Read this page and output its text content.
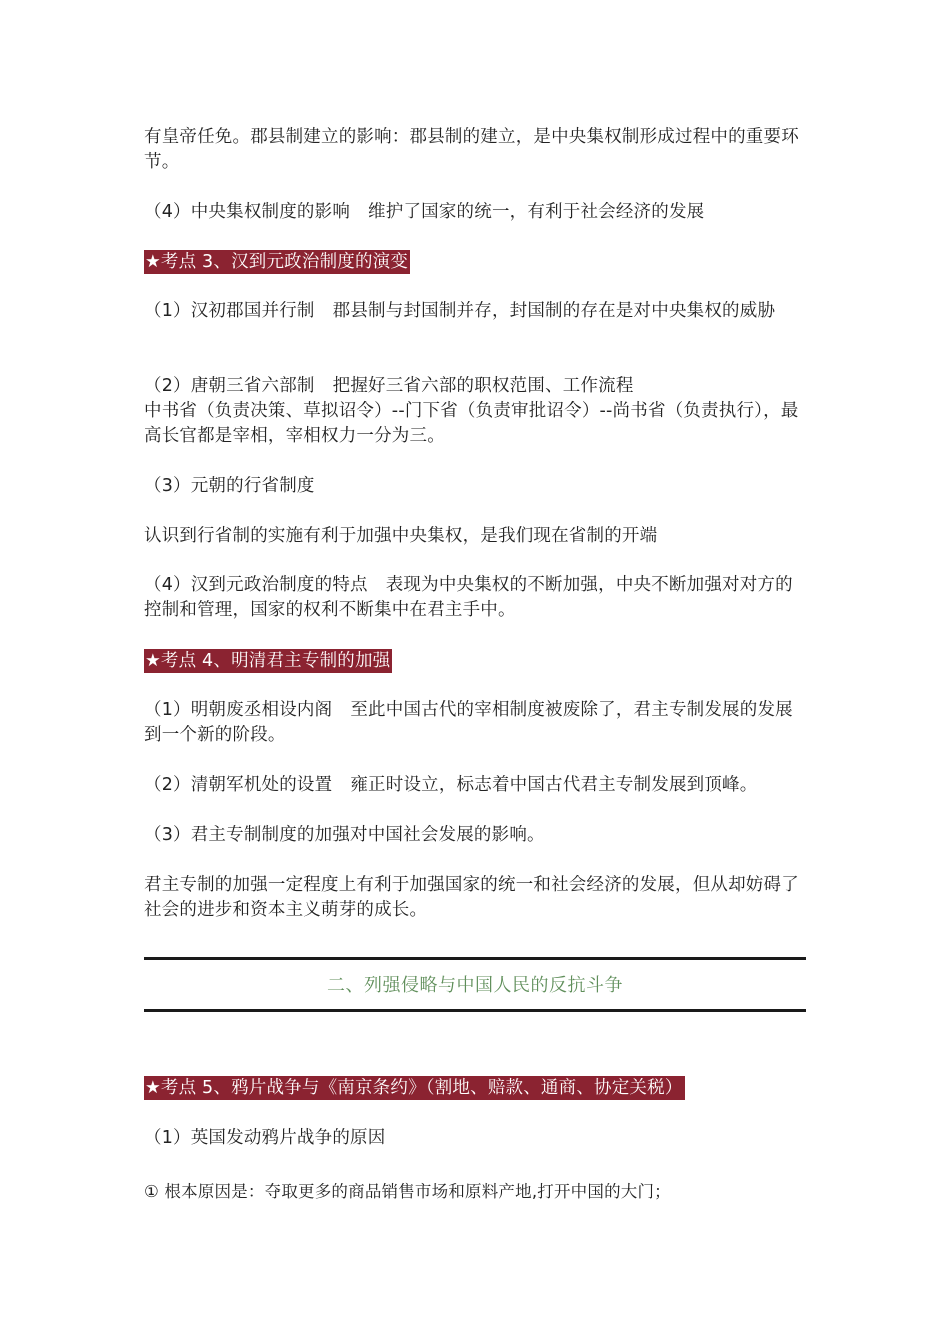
有皇帝任免。郡县制建立的影响：郡县制的建立，是中央集权制形成过程中的重要环节。
（4）中央集权制度的影响 维护了国家的统一，有利于社会经济的发展
★考点 3、汉到元政治制度的演变
（1）汉初郡国并行制 郡县制与封国制并存，封国制的存在是对中央集权的威胁
（2）唐朝三省六部制 把握好三省六部的职权范围、工作流程
中书省（负责决策、草拟诏令）--门下省（负责审批诏令）--尚书省（负责执行），最高长官都是宰相，宰相权力一分为三。
（3）元朝的行省制度
认识到行省制的实施有利于加强中央集权，是我们现在省制的开端
（4）汉到元政治制度的特点 表现为中央集权的不断加强，中央不断加强对对方的控制和管理，国家的权利不断集中在君主手中。
★考点 4、明清君主专制的加强
（1）明朝废丞相设内阁 至此中国古代的宰相制度被废除了，君主专制发展的发展到一个新的阶段。
（2）清朝军机处的设置 雍正时设立，标志着中国古代君主专制发展到顶峰。
（3）君主专制制度的加强对中国社会发展的影响。
君主专制的加强一定程度上有利于加强国家的统一和社会经济的发展，但从却妨碍了社会的进步和资本主义萌芽的成长。
二、列强侵略与中国人民的反抗斗争
★考点 5、鸦片战争与《南京条约》（割地、赔款、通商、协定关税）
（1）英国发动鸦片战争的原因
① 根本原因是：夺取更多的商品销售市场和原料产地,打开中国的大门；
